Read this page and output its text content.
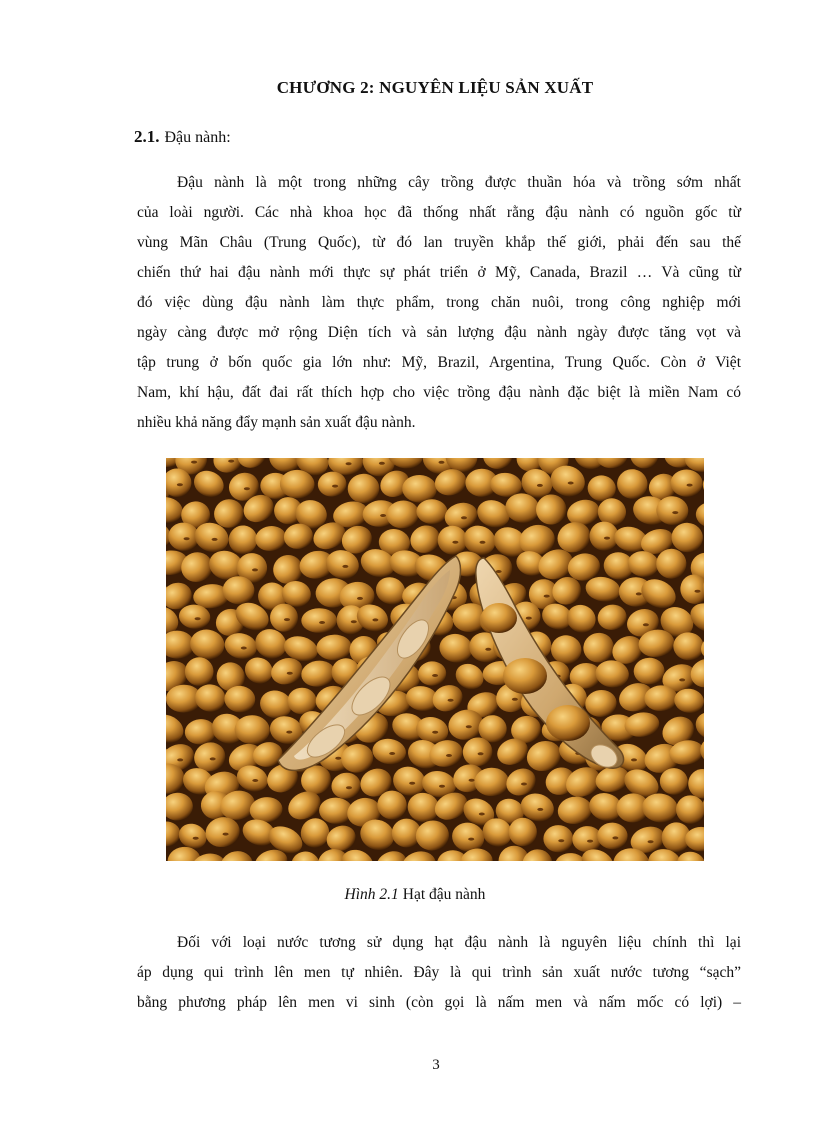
CHƯƠNG 2: NGUYÊN LIỆU SẢN XUẤT
2.1. Đậu nành:
Đậu nành là một trong những cây trồng được thuần hóa và trồng sớm nhất
của loài người. Các nhà khoa học đã thống nhất rằng đậu nành có nguồn gốc từ
vùng Mãn Châu (Trung Quốc), từ đó lan truyền khắp thế giới, phải đến sau thế
chiến thứ hai đậu nành mới thực sự phát triển ở Mỹ, Canada, Brazil … Và cũng từ
đó việc dùng đậu nành làm thực phẩm, trong chăn nuôi, trong công nghiệp mới
ngày càng được mở rộng Diện tích và sản lượng đậu nành ngày được tăng vọt và
tập trung ở bốn quốc gia lớn như: Mỹ, Brazil, Argentina, Trung Quốc. Còn ở Việt
Nam, khí hậu, đất đai rất thích hợp cho việc trồng đậu nành đặc biệt là miền Nam có
nhiều khả năng đẩy mạnh sản xuất đậu nành.
Hình 2.1 Hạt đậu nành
Đối với loại nước tương sử dụng hạt đậu nành là nguyên liệu chính thì lại
áp dụng qui trình lên men tự nhiên. Đây là qui trình sản xuất nước tương “sạch”
bằng phương pháp lên men vi sinh (còn gọi là nấm men và nấm mốc có lợi) –
3
